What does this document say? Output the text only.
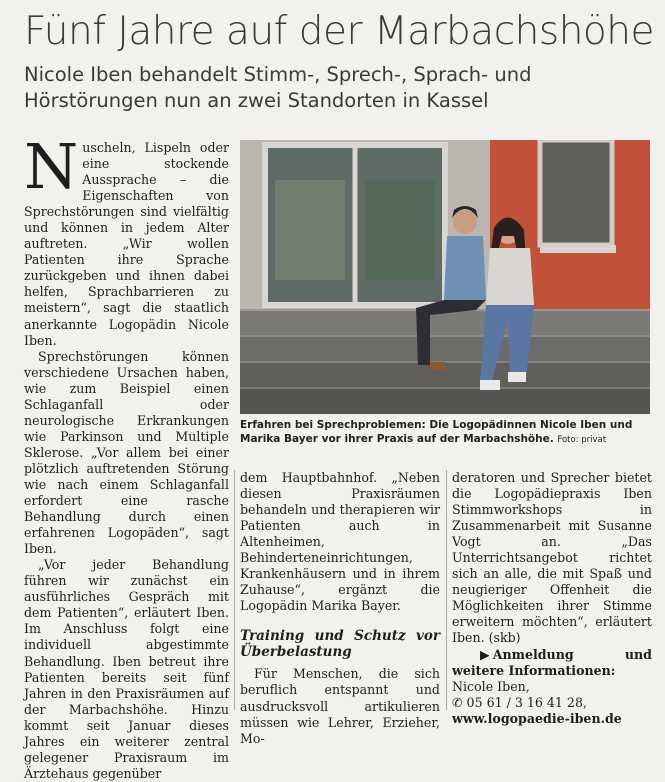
Fünf Jahre auf der Marbachshöhe
Nicole Iben behandelt Stimm-, Sprech-, Sprach- und Hörstörungen nun an zwei Standorten in Kassel

Nuscheln, Lispeln oder eine stockende Aussprache – die Eigenschaften von Sprechstörungen sind vielfältig und können in jedem Alter auftreten. „Wir wollen Patienten ihre Sprache zurückgeben und ihnen dabei helfen, Sprachbarrieren zu meistern“, sagt die staatlich anerkannte Logopädin Nicole Iben.

Sprechstörungen können verschiedene Ursachen haben, wie zum Beispiel einen Schlaganfall oder neurologische Erkrankungen wie Parkinson und Multiple Sklerose. „Vor allem bei einer plötzlich auftretenden Störung wie nach einem Schlaganfall erfordert eine rasche Behandlung durch einen erfahrenen Logopäden“, sagt Iben.

„Vor jeder Behandlung führen wir zunächst ein ausführliches Gespräch mit dem Patienten“, erläutert Iben. Im Anschluss folgt eine individuell abgestimmte Behandlung. Iben betreut ihre Patienten bereits seit fünf Jahren in den Praxisräumen auf der Marbachshöhe. Hinzu kommt seit Januar dieses Jahres ein weiterer zentral gelegener Praxisraum im Ärztehaus gegenüber

Erfahren bei Sprechproblemen: Die Logopädinnen Nicole Iben und Marika Bayer vor ihrer Praxis auf der Marbachshöhe. Foto: privat

dem Hauptbahnhof. „Neben diesen Praxisräumen behandeln und therapieren wir Patienten auch in Altenheimen, Behinderteneinrichtungen, Krankenhäusern und in ihrem Zuhause“, ergänzt die Logopädin Marika Bayer.

Training und Schutz vor Überbelastung

Für Menschen, die sich beruflich entspannt und ausdrucksvoll artikulieren müssen wie Lehrer, Erzieher, Mo-

deratoren und Sprecher bietet die Logopädiepraxis Iben Stimmworkshops in Zusammenarbeit mit Susanne Vogt an. „Das Unterrichtsangebot richtet sich an alle, die mit Spaß und neugieriger Offenheit die Möglichkeiten ihrer Stimme erweitern möchten“, erläutert Iben. (skb)

▶ Anmeldung und weitere Informationen:

Nicole Iben,

✆ 05 61 / 3 16 41 28,

www.logopaedie-iben.de
